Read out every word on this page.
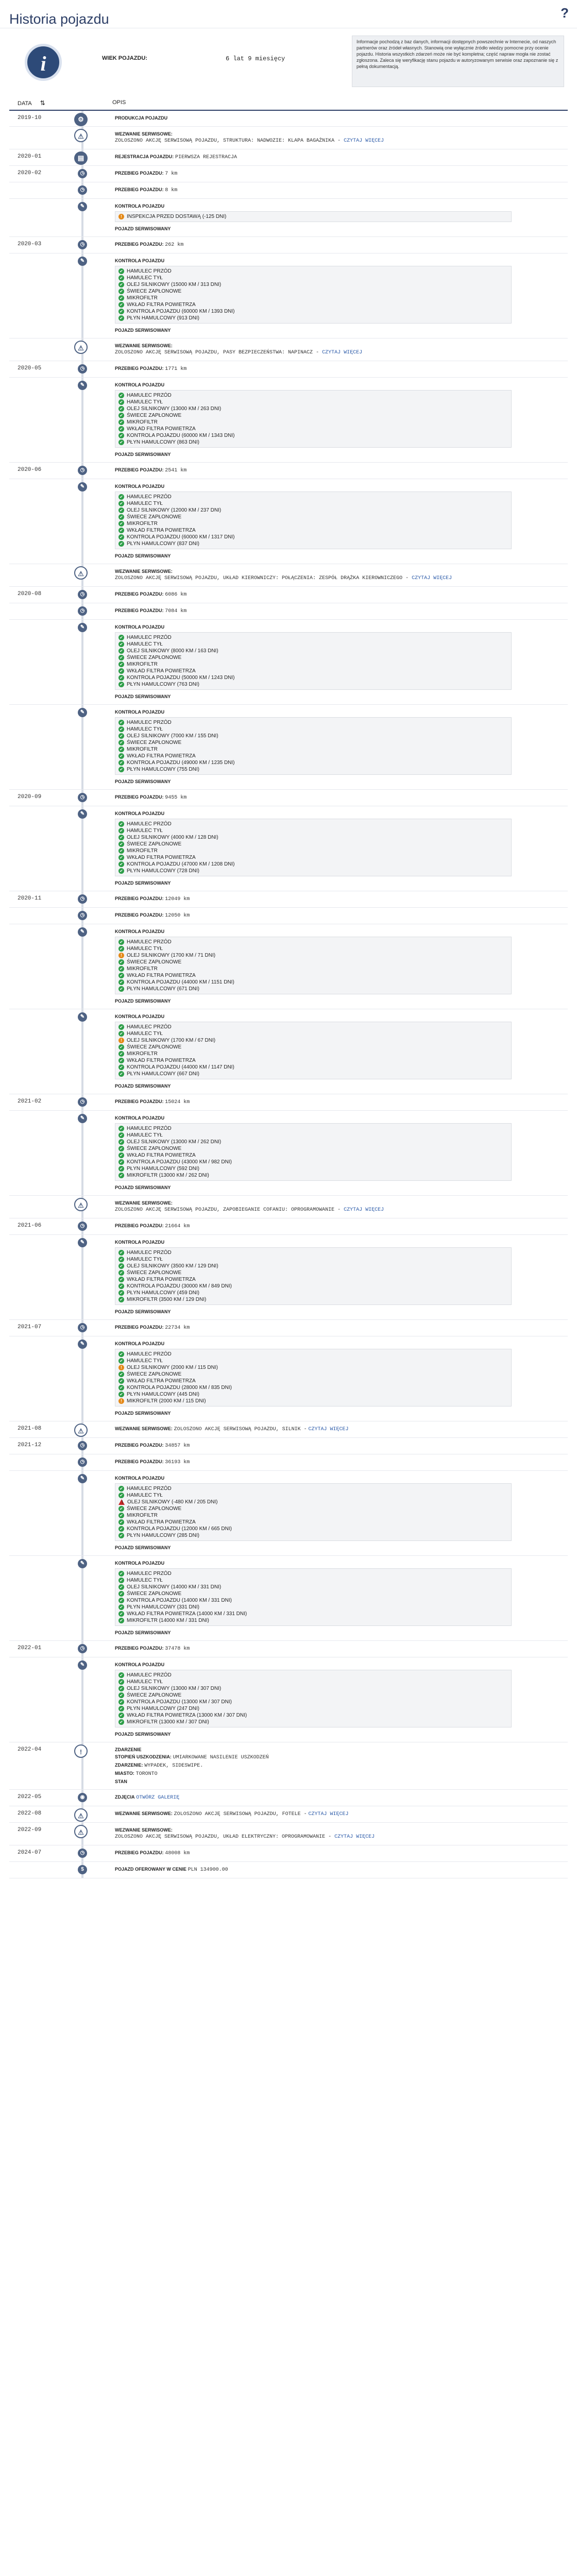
Historia pojazdu	?
i	WIEK POJAZDU:	6 lat 9 miesięcy
Informacje pochodzą z baz danych, informacji dostępnych powszechnie w Internecie, od naszych partnerów oraz źródeł własnych. Stanowią one wyłącznie źródło wiedzy pomocne przy ocenie pojazdu. Historia wszystkich zdarzeń może nie być kompletna; część napraw mogła nie zostać zgłoszona. Zaleca się weryfikację stanu pojazdu w autoryzowanym serwisie oraz zapoznanie się z pełną dokumentacją.
DATA ⇅	OPIS
2019-10	⚙	PRODUKCJA POJAZDU
⚠	WEZWANIE SERWISOWE:
ZOLOSZONO AKCJĘ SERWISOWĄ POJAZDU, STRUKTURA: NADWOZIE: KLAPA BAGAŻNIKA - CZYTAJ WIĘCEJ
2020-01	▤	REJESTRACJA POJAZDU: PIERWSZA REJESTRACJA
2020-02	◷	PRZEBIEG POJAZDU: 7 km
◷	PRZEBIEG POJAZDU: 8 km
✎	KONTROLA POJAZDU
! INSPEKCJA PRZED DOSTAWĄ (-125 DNI)
POJAZD SERWISOWANY
2020-03	◷	PRZEBIEG POJAZDU: 262 km
✎	KONTROLA POJAZDU
✔ HAMULEC PRZÓD
✔ HAMULEC TYŁ
✔ OLEJ SILNIKOWY (15000 KM / 313 DNI)
✔ ŚWIECE ZAPŁONOWE
✔ MIKROFILTR
✔ WKŁAD FILTRA POWIETRZA
✔ KONTROLA POJAZDU (60000 KM / 1393 DNI)
✔ PŁYN HAMULCOWY (913 DNI)
POJAZD SERWISOWANY
⚠	WEZWANIE SERWISOWE:
ZOLOSZONO AKCJĘ SERWISOWĄ POJAZDU, PASY BEZPIECZEŃSTWA: NAPINACZ - CZYTAJ WIĘCEJ
2020-05	◷	PRZEBIEG POJAZDU: 1771 km
✎	KONTROLA POJAZDU
✔ HAMULEC PRZÓD
✔ HAMULEC TYŁ
✔ OLEJ SILNIKOWY (13000 KM / 263 DNI)
✔ ŚWIECE ZAPŁONOWE
✔ MIKROFILTR
✔ WKŁAD FILTRA POWIETRZA
✔ KONTROLA POJAZDU (60000 KM / 1343 DNI)
✔ PŁYN HAMULCOWY (863 DNI)
POJAZD SERWISOWANY
2020-06	◷	PRZEBIEG POJAZDU: 2541 km
✎	KONTROLA POJAZDU
✔ HAMULEC PRZÓD
✔ HAMULEC TYŁ
✔ OLEJ SILNIKOWY (12000 KM / 237 DNI)
✔ ŚWIECE ZAPŁONOWE
✔ MIKROFILTR
✔ WKŁAD FILTRA POWIETRZA
✔ KONTROLA POJAZDU (60000 KM / 1317 DNI)
✔ PŁYN HAMULCOWY (837 DNI)
POJAZD SERWISOWANY
⚠	WEZWANIE SERWISOWE:
ZOLOSZONO AKCJĘ SERWISOWĄ POJAZDU, UKŁAD KIEROWNICZY: POŁĄCZENIA: ZESPÓŁ DRĄŻKA KIEROWNICZEGO - CZYTAJ WIĘCEJ
2020-08	◷	PRZEBIEG POJAZDU: 6086 km
◷	PRZEBIEG POJAZDU: 7084 km
✎	KONTROLA POJAZDU
✔ HAMULEC PRZÓD
✔ HAMULEC TYŁ
✔ OLEJ SILNIKOWY (8000 KM / 163 DNI)
✔ ŚWIECE ZAPŁONOWE
✔ MIKROFILTR
✔ WKŁAD FILTRA POWIETRZA
✔ KONTROLA POJAZDU (50000 KM / 1243 DNI)
✔ PŁYN HAMULCOWY (763 DNI)
POJAZD SERWISOWANY
✎	KONTROLA POJAZDU
✔ HAMULEC PRZÓD
✔ HAMULEC TYŁ
✔ OLEJ SILNIKOWY (7000 KM / 155 DNI)
✔ ŚWIECE ZAPŁONOWE
✔ MIKROFILTR
✔ WKŁAD FILTRA POWIETRZA
✔ KONTROLA POJAZDU (49000 KM / 1235 DNI)
✔ PŁYN HAMULCOWY (755 DNI)
POJAZD SERWISOWANY
2020-09	◷	PRZEBIEG POJAZDU: 9455 km
✎	KONTROLA POJAZDU
✔ HAMULEC PRZÓD
✔ HAMULEC TYŁ
✔ OLEJ SILNIKOWY (4000 KM / 128 DNI)
✔ ŚWIECE ZAPŁONOWE
✔ MIKROFILTR
✔ WKŁAD FILTRA POWIETRZA
✔ KONTROLA POJAZDU (47000 KM / 1208 DNI)
✔ PŁYN HAMULCOWY (728 DNI)
POJAZD SERWISOWANY
2020-11	◷	PRZEBIEG POJAZDU: 12049 km
◷	PRZEBIEG POJAZDU: 12050 km
✎	KONTROLA POJAZDU
✔ HAMULEC PRZÓD
✔ HAMULEC TYŁ
! OLEJ SILNIKOWY (1700 KM / 71 DNI)
✔ ŚWIECE ZAPŁONOWE
✔ MIKROFILTR
✔ WKŁAD FILTRA POWIETRZA
✔ KONTROLA POJAZDU (44000 KM / 1151 DNI)
✔ PŁYN HAMULCOWY (671 DNI)
POJAZD SERWISOWANY
✎	KONTROLA POJAZDU
✔ HAMULEC PRZÓD
✔ HAMULEC TYŁ
! OLEJ SILNIKOWY (1700 KM / 67 DNI)
✔ ŚWIECE ZAPŁONOWE
✔ MIKROFILTR
✔ WKŁAD FILTRA POWIETRZA
✔ KONTROLA POJAZDU (44000 KM / 1147 DNI)
✔ PŁYN HAMULCOWY (667 DNI)
POJAZD SERWISOWANY
2021-02	◷	PRZEBIEG POJAZDU: 15024 km
✎	KONTROLA POJAZDU
✔ HAMULEC PRZÓD
✔ HAMULEC TYŁ
✔ OLEJ SILNIKOWY (13000 KM / 262 DNI)
✔ ŚWIECE ZAPŁONOWE
✔ WKŁAD FILTRA POWIETRZA
✔ KONTROLA POJAZDU (43000 KM / 982 DNI)
✔ PŁYN HAMULCOWY (592 DNI)
✔ MIKROFILTR (13000 KM / 262 DNI)
POJAZD SERWISOWANY
⚠	WEZWANIE SERWISOWE:
ZOLOSZONO AKCJĘ SERWISOWĄ POJAZDU, ZAPOBIEGANIE COFANIU: OPROGRAMOWANIE - CZYTAJ WIĘCEJ
2021-06	◷	PRZEBIEG POJAZDU: 21664 km
✎	KONTROLA POJAZDU
✔ HAMULEC PRZÓD
✔ HAMULEC TYŁ
✔ OLEJ SILNIKOWY (3500 KM / 129 DNI)
✔ ŚWIECE ZAPŁONOWE
✔ WKŁAD FILTRA POWIETRZA
✔ KONTROLA POJAZDU (30000 KM / 849 DNI)
✔ PŁYN HAMULCOWY (459 DNI)
✔ MIKROFILTR (3500 KM / 129 DNI)
POJAZD SERWISOWANY
2021-07	◷	PRZEBIEG POJAZDU: 22734 km
✎	KONTROLA POJAZDU
✔ HAMULEC PRZÓD
✔ HAMULEC TYŁ
! OLEJ SILNIKOWY (2000 KM / 115 DNI)
✔ ŚWIECE ZAPŁONOWE
✔ WKŁAD FILTRA POWIETRZA
✔ KONTROLA POJAZDU (28000 KM / 835 DNI)
✔ PŁYN HAMULCOWY (445 DNI)
! MIKROFILTR (2000 KM / 115 DNI)
POJAZD SERWISOWANY
2021-08	⚠	WEZWANIE SERWISOWE: ZOLOSZONO AKCJĘ SERWISOWĄ POJAZDU, SILNIK - CZYTAJ WIĘCEJ
2021-12	◷	PRZEBIEG POJAZDU: 34857 km
◷	PRZEBIEG POJAZDU: 36193 km
✎	KONTROLA POJAZDU
✔ HAMULEC PRZÓD
✔ HAMULEC TYŁ
! OLEJ SILNIKOWY (-480 KM / 205 DNI)
✔ ŚWIECE ZAPŁONOWE
✔ MIKROFILTR
✔ WKŁAD FILTRA POWIETRZA
✔ KONTROLA POJAZDU (12000 KM / 665 DNI)
✔ PŁYN HAMULCOWY (285 DNI)
POJAZD SERWISOWANY
✎	KONTROLA POJAZDU
✔ HAMULEC PRZÓD
✔ HAMULEC TYŁ
✔ OLEJ SILNIKOWY (14000 KM / 331 DNI)
✔ ŚWIECE ZAPŁONOWE
✔ KONTROLA POJAZDU (14000 KM / 331 DNI)
✔ PŁYN HAMULCOWY (331 DNI)
✔ WKŁAD FILTRA POWIETRZA (14000 KM / 331 DNI)
✔ MIKROFILTR (14000 KM / 331 DNI)
POJAZD SERWISOWANY
2022-01	◷	PRZEBIEG POJAZDU: 37478 km
✎	KONTROLA POJAZDU
✔ HAMULEC PRZÓD
✔ HAMULEC TYŁ
✔ OLEJ SILNIKOWY (13000 KM / 307 DNI)
✔ ŚWIECE ZAPŁONOWE
✔ KONTROLA POJAZDU (13000 KM / 307 DNI)
✔ PŁYN HAMULCOWY (247 DNI)
✔ WKŁAD FILTRA POWIETRZA (13000 KM / 307 DNI)
✔ MIKROFILTR (13000 KM / 307 DNI)
POJAZD SERWISOWANY
2022-04	!	ZDARZENIE
STOPIEŃ USZKODZENIA: UMIARKOWANE NASILENIE USZKODZEŃ
ZDARZENIE: WYPADEK, SIDESWIPE.
MIASTO: TORONTO
STAN
2022-05	◉	ZDJĘCIA OTWÓRZ GALERIĘ
2022-08	⚠	WEZWANIE SERWISOWE: ZOLOSZONO AKCJĘ SERWISOWĄ POJAZDU, FOTELE - CZYTAJ WIĘCEJ
2022-09	⚠	WEZWANIE SERWISOWE:
ZOLOSZONO AKCJĘ SERWISOWĄ POJAZDU, UKŁAD ELEKTRYCZNY: OPROGRAMOWANIE - CZYTAJ WIĘCEJ
2024-07	◷	PRZEBIEG POJAZDU: 48008 km
$	POJAZD OFEROWANY W CENIE PLN 134900.00
